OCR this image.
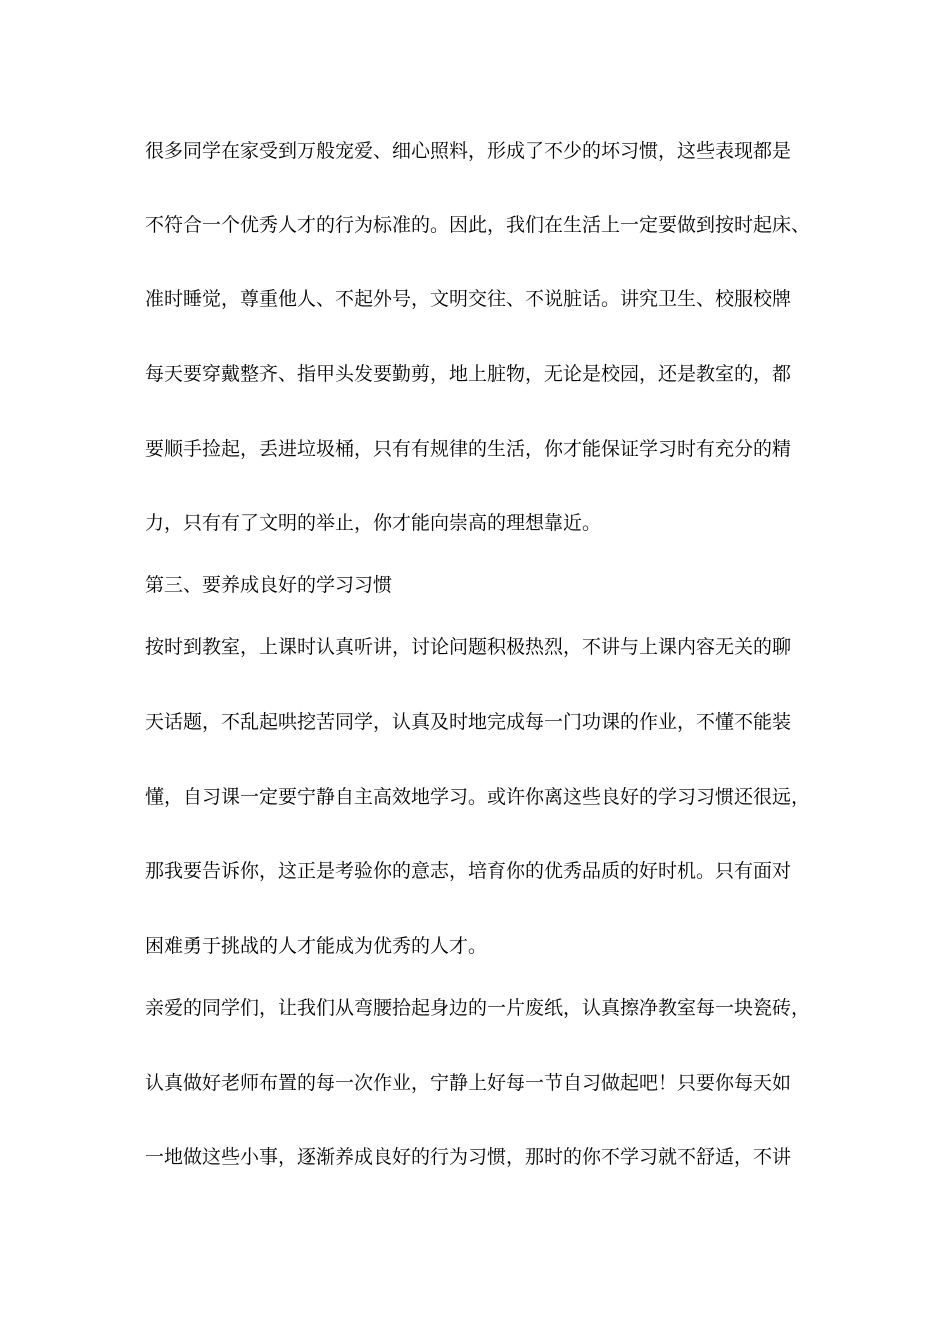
很多同学在家受到万般宠爱、细心照料，形成了不少的坏习惯，这些表现都是
不符合一个优秀人才的行为标准的。因此，我们在生活上一定要做到按时起床、
准时睡觉，尊重他人、不起外号，文明交往、不说脏话。讲究卫生、校服校牌
每天要穿戴整齐、指甲头发要勤剪，地上脏物，无论是校园，还是教室的，都
要顺手捡起，丢进垃圾桶，只有有规律的生活，你才能保证学习时有充分的精
力，只有有了文明的举止，你才能向崇高的理想靠近。
第三、要养成良好的学习习惯
按时到教室，上课时认真听讲，讨论问题积极热烈，不讲与上课内容无关的聊
天话题，不乱起哄挖苦同学，认真及时地完成每一门功课的作业，不懂不能装
懂，自习课一定要宁静自主高效地学习。或许你离这些良好的学习习惯还很远，
那我要告诉你，这正是考验你的意志，培育你的优秀品质的好时机。只有面对
困难勇于挑战的人才能成为优秀的人才。
亲爱的同学们，让我们从弯腰拾起身边的一片废纸，认真擦净教室每一块瓷砖，
认真做好老师布置的每一次作业，宁静上好每一节自习做起吧！只要你每天如
一地做这些小事，逐渐养成良好的行为习惯，那时的你不学习就不舒适，不讲
